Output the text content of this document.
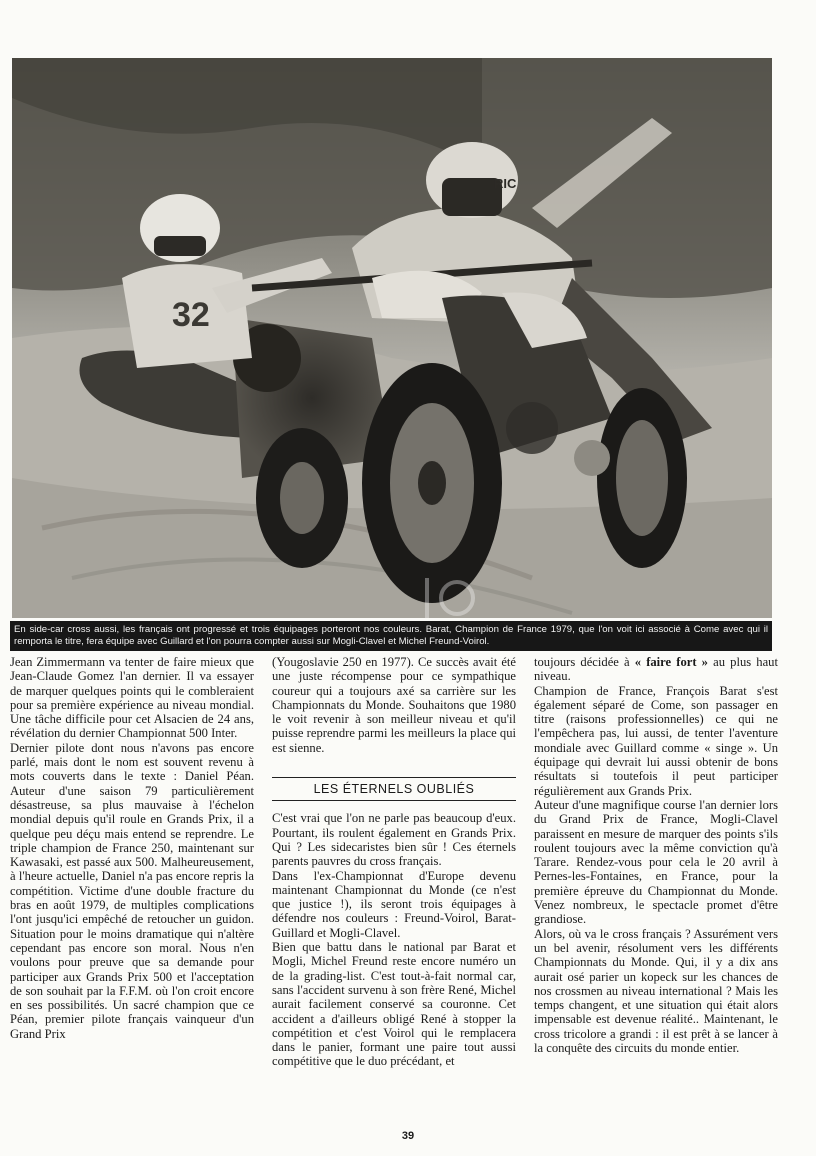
32
RIC
En side-car cross aussi, les français ont progressé et trois équipages porteront nos couleurs. Barat, Champion de France 1979, que l'on voit ici associé à Come avec qui il remporta le titre, fera équipe avec Guillard et l'on pourra compter aussi sur Mogli-Clavel et Michel Freund-Voirol.

Jean Zimmermann va tenter de faire mieux que Jean-Claude Gomez l'an dernier. Il va essayer de marquer quelques points qui le combleraient pour sa première expérience au niveau mondial. Une tâche difficile pour cet Alsacien de 24 ans, révélation du dernier Championnat 500 Inter.

Dernier pilote dont nous n'avons pas encore parlé, mais dont le nom est souvent revenu à mots couverts dans le texte : Daniel Péan. Auteur d'une saison 79 particulièrement désastreuse, sa plus mauvaise à l'échelon mondial depuis qu'il roule en Grands Prix, il a quelque peu déçu mais entend se reprendre. Le triple champion de France 250, maintenant sur Kawasaki, est passé aux 500. Malheureusement, à l'heure actuelle, Daniel n'a pas encore repris la compétition. Victime d'une double fracture du bras en août 1979, de multiples complications l'ont jusqu'ici empêché de retoucher un guidon. Situation pour le moins dramatique qui n'altère cependant pas encore son moral. Nous n'en voulons pour preuve que sa demande pour participer aux Grands Prix 500 et l'acceptation de son souhait par la F.F.M. où l'on croit encore en ses possibilités. Un sacré champion que ce Péan, premier pilote français vainqueur d'un Grand Prix

(Yougoslavie 250 en 1977). Ce succès avait été une juste récompense pour ce sympathique coureur qui a toujours axé sa carrière sur les Championnats du Monde. Souhaitons que 1980 le voit revenir à son meilleur niveau et qu'il puisse reprendre parmi les meilleurs la place qui est sienne.

LES ÉTERNELS OUBLIÉS

C'est vrai que l'on ne parle pas beaucoup d'eux. Pourtant, ils roulent également en Grands Prix. Qui ? Les sidecaristes bien sûr ! Ces éternels parents pauvres du cross français.

Dans l'ex-Championnat d'Europe devenu maintenant Championnat du Monde (ce n'est que justice !), ils seront trois équipages à défendre nos couleurs : Freund-Voirol, Barat-Guillard et Mogli-Clavel.

Bien que battu dans le national par Barat et Mogli, Michel Freund reste encore numéro un de la grading-list. C'est tout-à-fait normal car, sans l'accident survenu à son frère René, Michel aurait facilement conservé sa couronne. Cet accident a d'ailleurs obligé René à stopper la compétition et c'est Voirol qui le remplacera dans le panier, formant une paire tout aussi compétitive que le duo précédant, et

toujours décidée à « faire fort » au plus haut niveau.

Champion de France, François Barat s'est également séparé de Come, son passager en titre (raisons professionnelles) ce qui ne l'empêchera pas, lui aussi, de tenter l'aventure mondiale avec Guillard comme « singe ». Un équipage qui devrait lui aussi obtenir de bons résultats si toutefois il peut participer régulièrement aux Grands Prix.

Auteur d'une magnifique course l'an dernier lors du Grand Prix de France, Mogli-Clavel paraissent en mesure de marquer des points s'ils roulent toujours avec la même conviction qu'à Tarare. Rendez-vous pour cela le 20 avril à Pernes-les-Fontaines, en France, pour la première épreuve du Championnat du Monde. Venez nombreux, le spectacle promet d'être grandiose.

Alors, où va le cross français ? Assurément vers un bel avenir, résolument vers les différents Championnats du Monde. Qui, il y a dix ans aurait osé parier un kopeck sur les chances de nos crossmen au niveau international ? Mais les temps changent, et une situation qui était alors impensable est devenue réalité.. Maintenant, le cross tricolore a grandi : il est prêt à se lancer à la conquête des circuits du monde entier.

39
